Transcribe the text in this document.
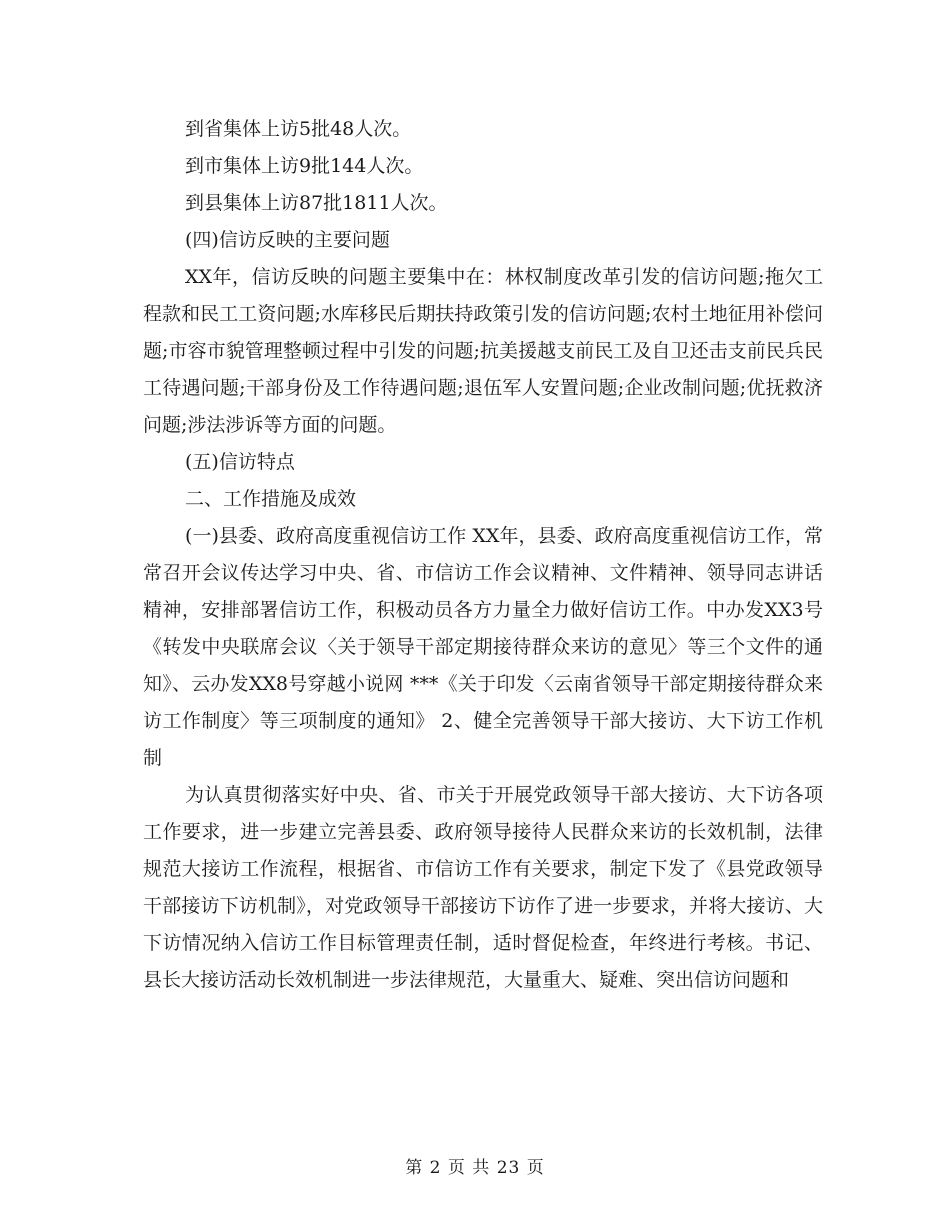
到省集体上访5批48人次。

到市集体上访9批144人次。

到县集体上访87批1811人次。

(四)信访反映的主要问题

XX年，信访反映的问题主要集中在：林权制度改革引发的信访问题;拖欠工程款和民工工资问题;水库移民后期扶持政策引发的信访问题;农村土地征用补偿问题;市容市貌管理整顿过程中引发的问题;抗美援越支前民工及自卫还击支前民兵民工待遇问题;干部身份及工作待遇问题;退伍军人安置问题;企业改制问题;优抚救济问题;涉法涉诉等方面的问题。

(五)信访特点

二、工作措施及成效

(一)县委、政府高度重视信访工作 XX年，县委、政府高度重视信访工作，常常召开会议传达学习中央、省、市信访工作会议精神、文件精神、领导同志讲话精神，安排部署信访工作，积极动员各方力量全力做好信访工作。中办发XX3号《转发中央联席会议〈关于领导干部定期接待群众来访的意见〉等三个文件的通知》、云办发XX8号穿越小说网 ***《关于印发〈云南省领导干部定期接待群众来访工作制度〉等三项制度的通知》 2、健全完善领导干部大接访、大下访工作机制

为认真贯彻落实好中央、省、市关于开展党政领导干部大接访、大下访各项工作要求，进一步建立完善县委、政府领导接待人民群众来访的长效机制，法律规范大接访工作流程，根据省、市信访工作有关要求，制定下发了《县党政领导干部接访下访机制》，对党政领导干部接访下访作了进一步要求，并将大接访、大下访情况纳入信访工作目标管理责任制，适时督促检查，年终进行考核。书记、县长大接访活动长效机制进一步法律规范，大量重大、疑难、突出信访问题和

第 2 页 共 23 页
